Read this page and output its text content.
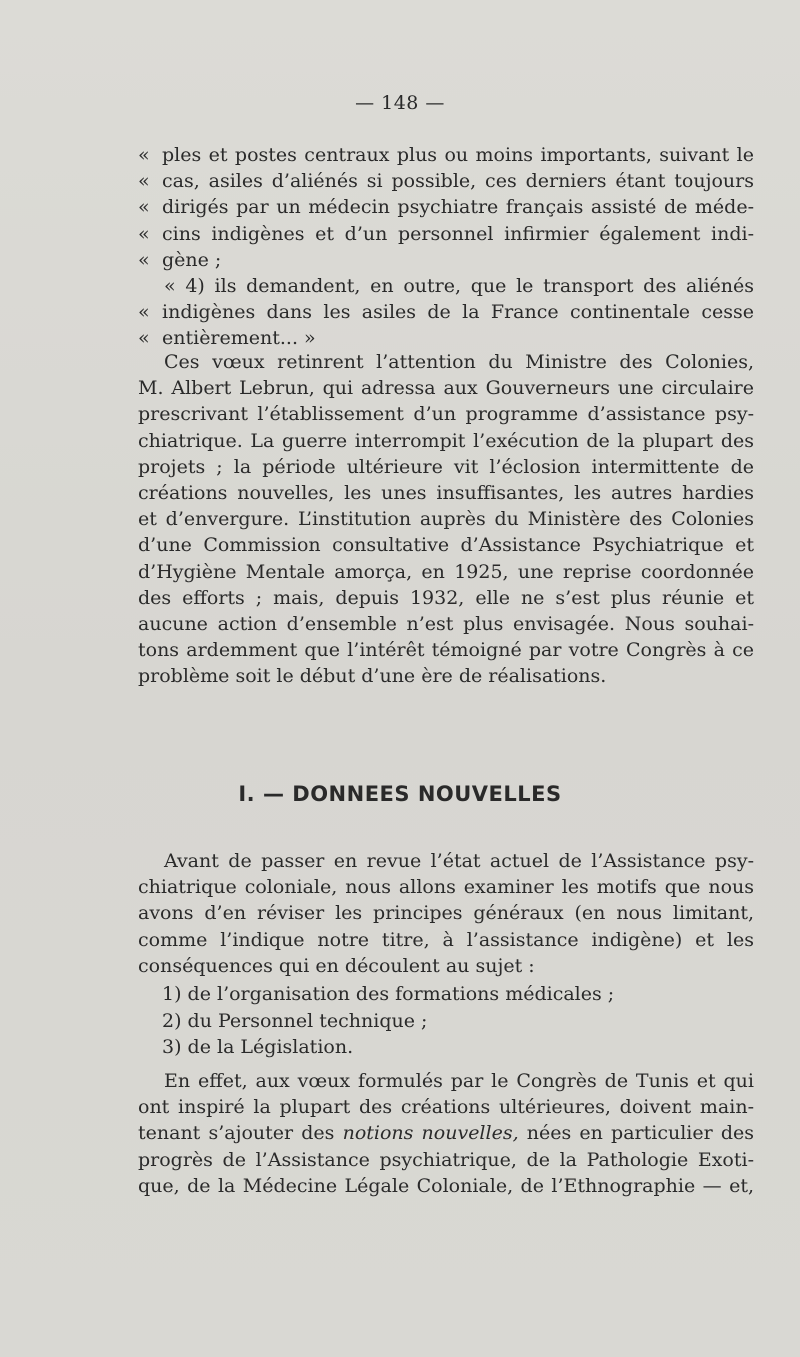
— 148 —
« ples et postes centraux plus ou moins importants, suivant le
« cas, asiles d’aliénés si possible, ces derniers étant toujours
« dirigés par un médecin psychiatre français assisté de méde-
« cins indigènes et d’un personnel infirmier également indi-
« gène ;
« 4) ils demandent, en outre, que le transport des aliénés
« indigènes dans les asiles de la France continentale cesse
« entièrement... »
Ces vœux retinrent l’attention du Ministre des Colonies,
M. Albert Lebrun, qui adressa aux Gouverneurs une circulaire
prescrivant l’établissement d’un programme d’assistance psy-
chiatrique. La guerre interrompit l’exécution de la plupart des
projets ; la période ultérieure vit l’éclosion intermittente de
créations nouvelles, les unes insuffisantes, les autres hardies
et d’envergure. L’institution auprès du Ministère des Colonies
d’une Commission consultative d’Assistance Psychiatrique et
d’Hygiène Mentale amorça, en 1925, une reprise coordonnée
des efforts ; mais, depuis 1932, elle ne s’est plus réunie et
aucune action d’ensemble n’est plus envisagée. Nous souhai-
tons ardemment que l’intérêt témoigné par votre Congrès à ce
problème soit le début d’une ère de réalisations.
I. — DONNEES NOUVELLES
Avant de passer en revue l’état actuel de l’Assistance psy-
chiatrique coloniale, nous allons examiner les motifs que nous
avons d’en réviser les principes généraux (en nous limitant,
comme l’indique notre titre, à l’assistance indigène) et les
conséquences qui en découlent au sujet :
1) de l’organisation des formations médicales ;
2) du Personnel technique ;
3) de la Législation.
En effet, aux vœux formulés par le Congrès de Tunis et qui
ont inspiré la plupart des créations ultérieures, doivent main-
tenant s’ajouter des notions nouvelles, nées en particulier des
progrès de l’Assistance psychiatrique, de la Pathologie Exoti-
que, de la Médecine Légale Coloniale, de l’Ethnographie — et,
